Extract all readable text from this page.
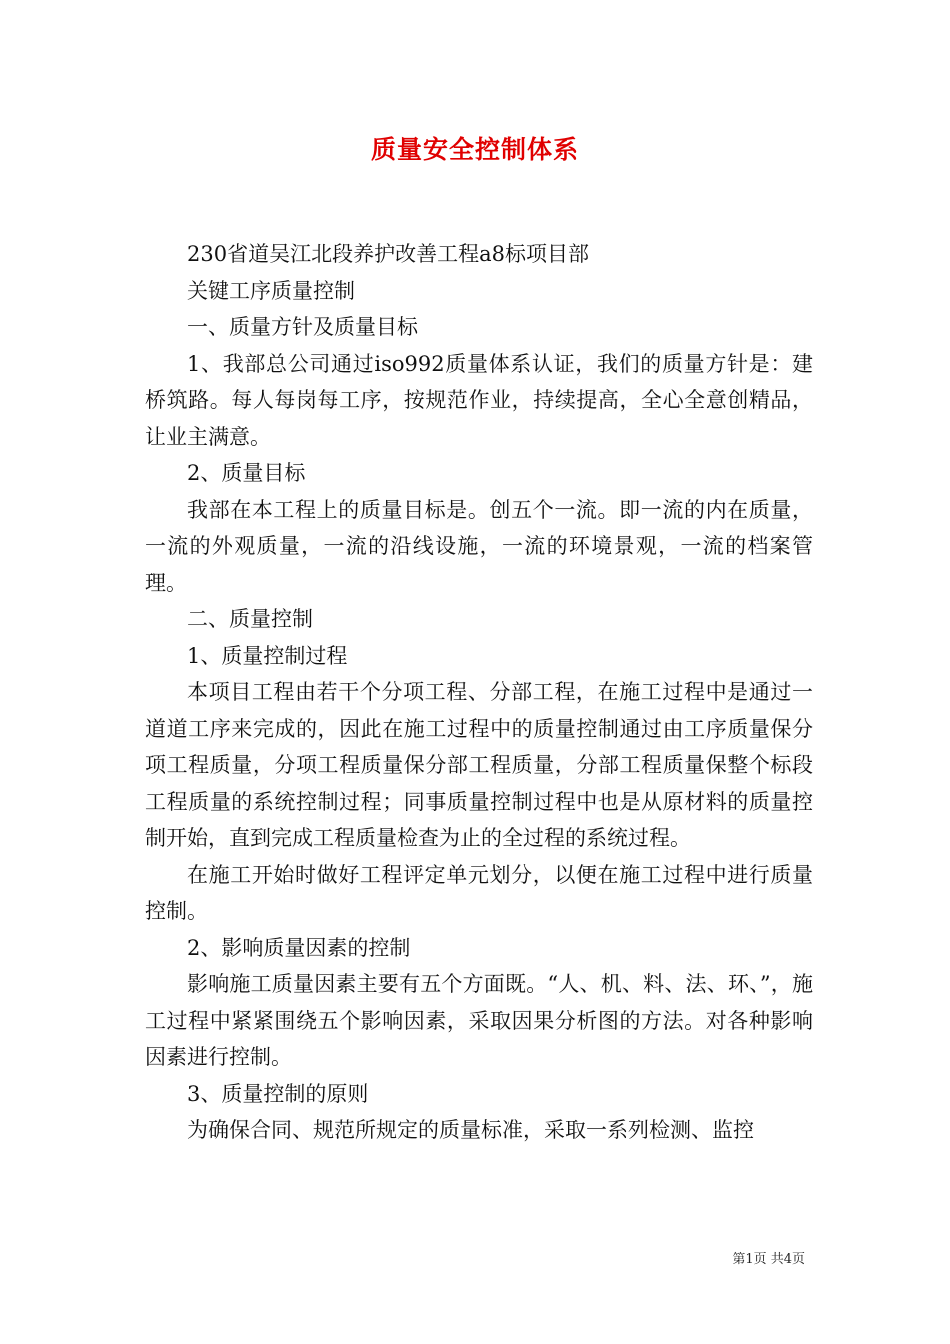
质量安全控制体系

230省道吴江北段养护改善工程a8标项目部

关键工序质量控制

一、质量方针及质量目标

1、我部总公司通过iso992质量体系认证，我们的质量方针是：建桥筑路。每人每岗每工序，按规范作业，持续提高，全心全意创精品，让业主满意。

2、质量目标

我部在本工程上的质量目标是。创五个一流。即一流的内在质量，一流的外观质量，一流的沿线设施，一流的环境景观，一流的档案管理。

二、质量控制

1、质量控制过程

本项目工程由若干个分项工程、分部工程，在施工过程中是通过一道道工序来完成的，因此在施工过程中的质量控制通过由工序质量保分项工程质量，分项工程质量保分部工程质量，分部工程质量保整个标段工程质量的系统控制过程；同事质量控制过程中也是从原材料的质量控制开始，直到完成工程质量检查为止的全过程的系统过程。

在施工开始时做好工程评定单元划分，以便在施工过程中进行质量控制。

2、影响质量因素的控制

影响施工质量因素主要有五个方面既。“人、机、料、法、环、”，施工过程中紧紧围绕五个影响因素，采取因果分析图的方法。对各种影响因素进行控制。

3、质量控制的原则

为确保合同、规范所规定的质量标准，采取一系列检测、监控

第1页 共4页
